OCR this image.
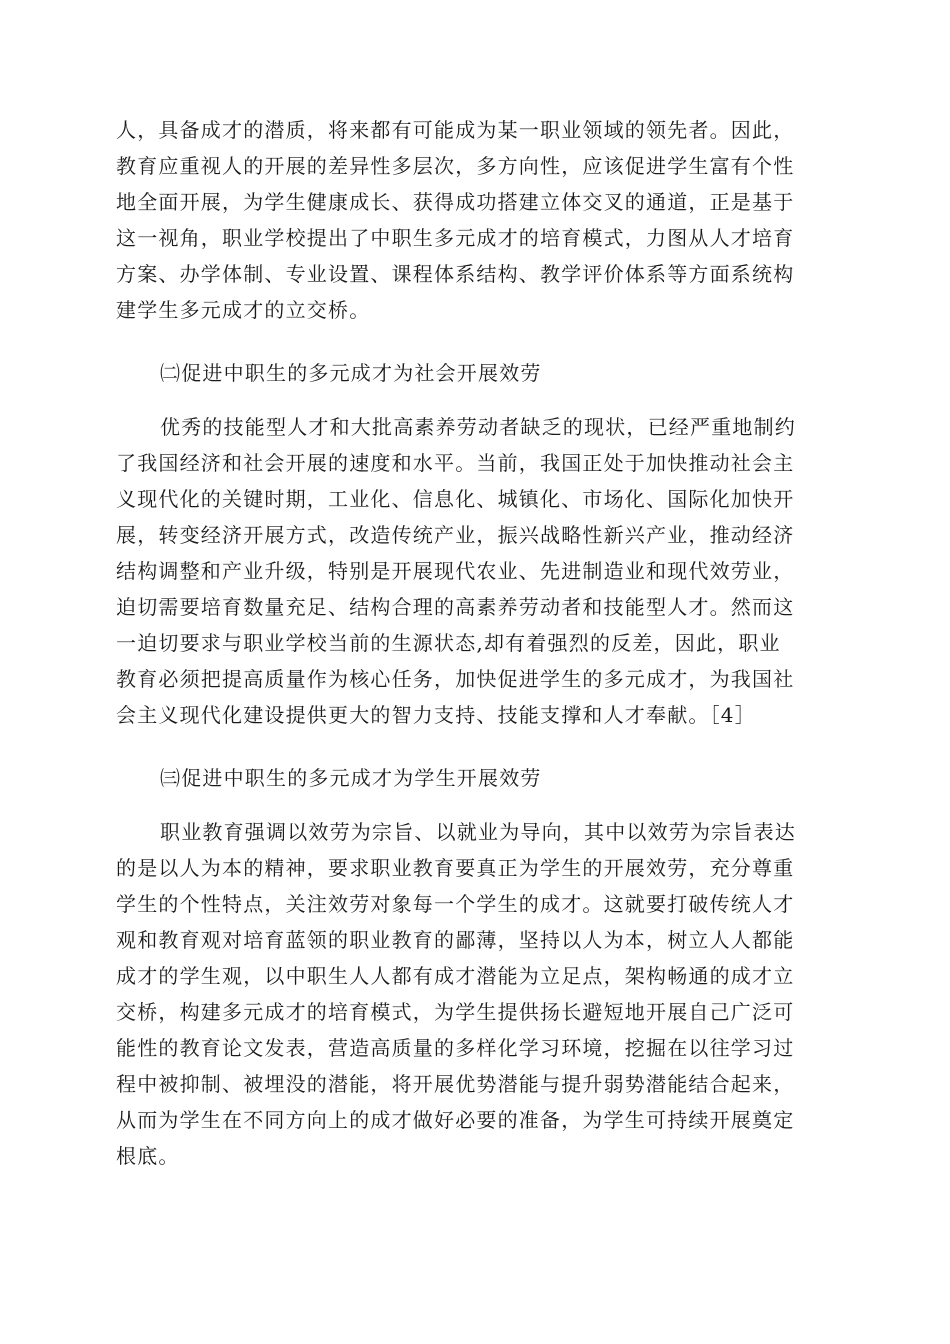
人，具备成才的潜质，将来都有可能成为某一职业领域的领先者。因此，
教育应重视人的开展的差异性多层次，多方向性，应该促进学生富有个性
地全面开展，为学生健康成长、获得成功搭建立体交叉的通道，正是基于
这一视角，职业学校提出了中职生多元成才的培育模式，力图从人才培育
方案、办学体制、专业设置、课程体系结构、教学评价体系等方面系统构
建学生多元成才的立交桥。

㈡促进中职生的多元成才为社会开展效劳

优秀的技能型人才和大批高素养劳动者缺乏的现状，已经严重地制约
了我国经济和社会开展的速度和水平。当前，我国正处于加快推动社会主
义现代化的关键时期，工业化、信息化、城镇化、市场化、国际化加快开
展，转变经济开展方式，改造传统产业，振兴战略性新兴产业，推动经济
结构调整和产业升级，特别是开展现代农业、先进制造业和现代效劳业，
迫切需要培育数量充足、结构合理的高素养劳动者和技能型人才。然而这
一迫切要求与职业学校当前的生源状态,却有着强烈的反差，因此，职业
教育必须把提高质量作为核心任务，加快促进学生的多元成才，为我国社
会主义现代化建设提供更大的智力支持、技能支撑和人才奉献。［4］

㈢促进中职生的多元成才为学生开展效劳

职业教育强调以效劳为宗旨、以就业为导向，其中以效劳为宗旨表达
的是以人为本的精神，要求职业教育要真正为学生的开展效劳，充分尊重
学生的个性特点，关注效劳对象每一个学生的成才。这就要打破传统人才
观和教育观对培育蓝领的职业教育的鄙薄，坚持以人为本，树立人人都能
成才的学生观，以中职生人人都有成才潜能为立足点，架构畅通的成才立
交桥，构建多元成才的培育模式，为学生提供扬长避短地开展自己广泛可
能性的教育论文发表，营造高质量的多样化学习环境，挖掘在以往学习过
程中被抑制、被埋没的潜能，将开展优势潜能与提升弱势潜能结合起来，
从而为学生在不同方向上的成才做好必要的准备，为学生可持续开展奠定
根底。
